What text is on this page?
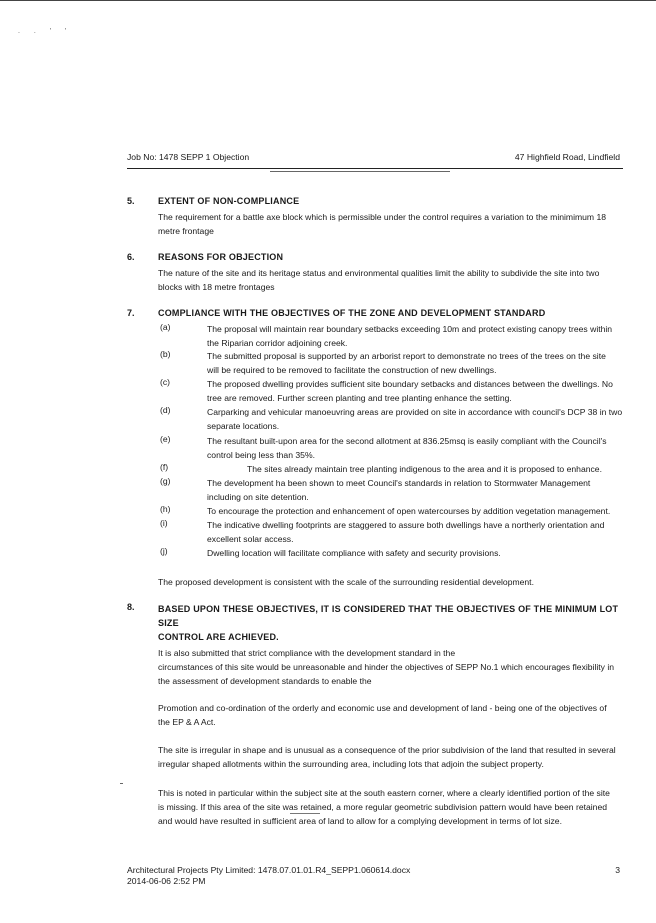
. . ' '
Job No: 1478 SEPP 1 Objection	47 Highfield Road, Lindfield
5.	EXTENT OF NON-COMPLIANCE
The requirement for a battle axe block which is permissible under the control requires a variation to the minimimum 18
metre frontage
6.	REASONS FOR OBJECTION
The nature of the site and its heritage status and environmental qualities limit the ability to subdivide the site into two
blocks with 18 metre frontages
7.	COMPLIANCE WITH THE OBJECTIVES OF THE ZONE AND DEVELOPMENT STANDARD
(a)	The proposal will maintain rear boundary setbacks exceeding 10m and protect existing canopy trees within
the Riparian corridor adjoining creek.
(b)	The submitted proposal is supported by an arborist report to demonstrate no trees of the trees on the site
will be required to be removed to facilitate the construction of new dwellings.
(c)	The proposed dwelling provides sufficient site boundary setbacks and distances between the dwellings. No
tree are removed. Further screen planting and tree planting enhance the setting.
(d)	Carparking and vehicular manoeuvring areas are provided on site in accordance with council's DCP 38 in two
separate locations.
(e)	The resultant built-upon area for the second allotment at 836.25msq is easily compliant with the Council's
control being less than 35%.
(f)	The sites already maintain tree planting indigenous to the area and it is proposed to enhance.
(g)	The development ha been shown to meet Council's standards in relation to Stormwater Management
including on site detention.
(h)	To encourage the protection and enhancement of open watercourses by addition vegetation management.
(i)	The indicative dwelling footprints are staggered to assure both dwellings have a northerly orientation and
excellent solar access.
(j)	Dwelling location will facilitate compliance with safety and security provisions.
The proposed development is consistent with the scale of the surrounding residential development.
8.	BASED UPON THESE OBJECTIVES, IT IS CONSIDERED THAT THE OBJECTIVES OF THE MINIMUM LOT SIZE
CONTROL ARE ACHIEVED.
It is also submitted that strict compliance with the development standard in the
circumstances of this site would be unreasonable and hinder the objectives of SEPP No.1 which encourages flexibility in
the assessment of development standards to enable the
Promotion and co-ordination of the orderly and economic use and development of land - being one of the objectives of
the EP & A Act.
The site is irregular in shape and is unusual as a consequence of the prior subdivision of the land that resulted in several
irregular shaped allotments within the surrounding area, including lots that adjoin the subject property.
This is noted in particular within the subject site at the south eastern corner, where a clearly identified portion of the site
is missing. If this area of the site was retained, a more regular geometric subdivision pattern would have been retained
and would have resulted in sufficient area of land to allow for a complying development in terms of lot size.
Architectural Projects Pty Limited: 1478.07.01.01.R4_SEPP1.060614.docx
2014-06-06 2:52 PM
3
